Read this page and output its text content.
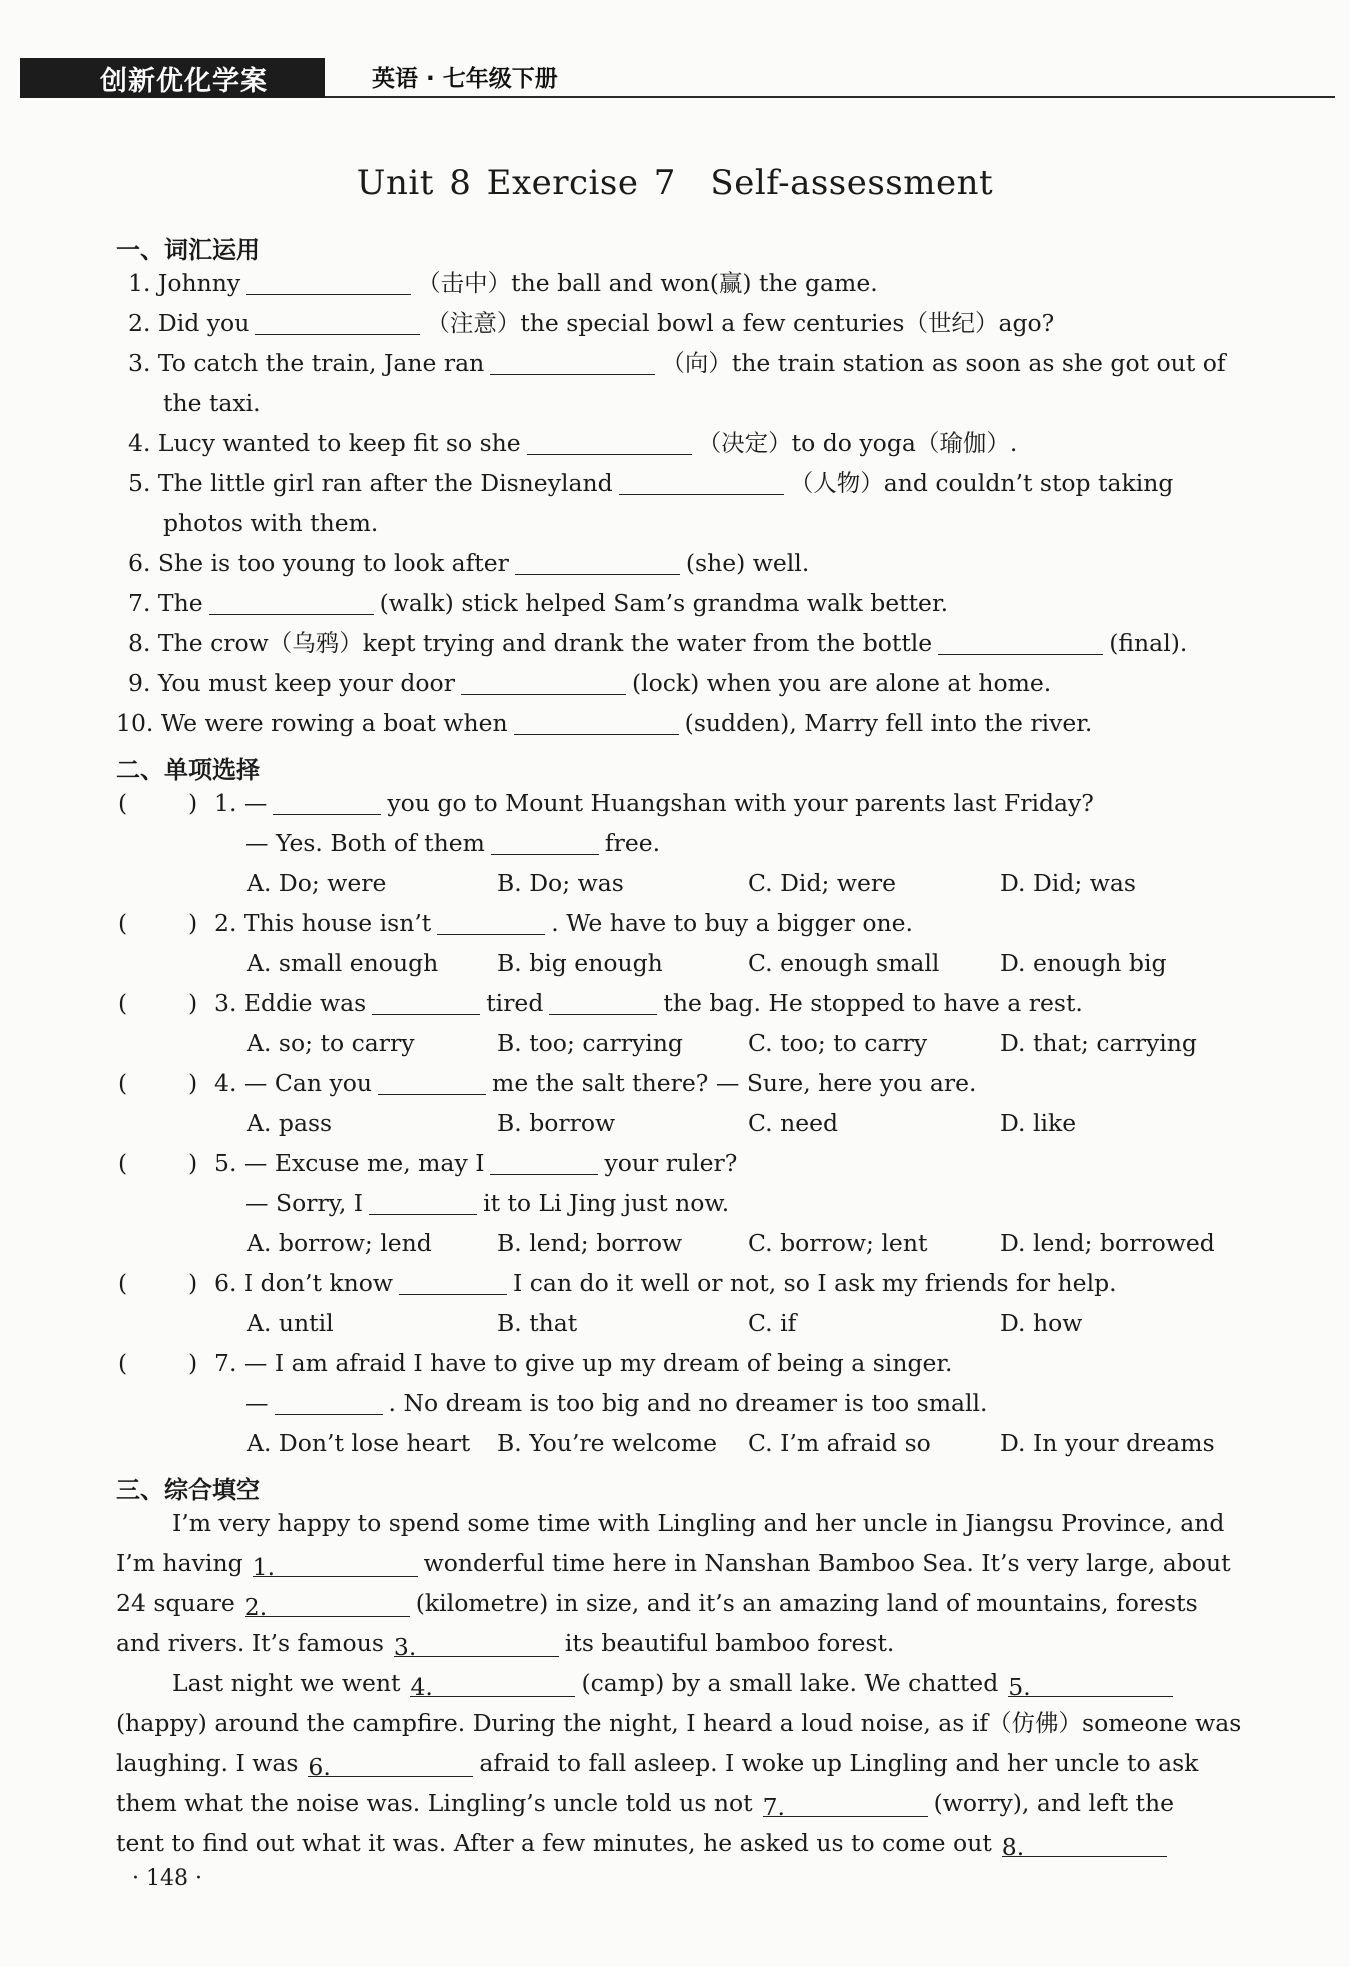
创新优化学案	英语 · 七年级下册
Unit 8 Exercise 7　Self-assessment
一、词汇运用
1. Johnny	（击中）the ball and won(赢) the game.
2. Did you	（注意）the special bowl a few centuries（世纪）ago?
3. To catch the train, Jane ran	（向）the train station as soon as she got out of
the taxi.
4. Lucy wanted to keep fit so she	（决定）to do yoga（瑜伽）.
5. The little girl ran after the Disneyland	（人物）and couldn’t stop taking
photos with them.
6. She is too young to look after	(she) well.
7. The	(walk) stick helped Sam’s grandma walk better.
8. The crow（乌鸦）kept trying and drank the water from the bottle	(final).
9. You must keep your door	(lock) when you are alone at home.
10. We were rowing a boat when	(sudden), Marry fell into the river.
二、单项选择
(	) 1. —	you go to Mount Huangshan with your parents last Friday?
— Yes. Both of them	free.
A. Do; were	B. Do; was	C. Did; were	D. Did; was
(	) 2. This house isn’t	. We have to buy a bigger one.
A. small enough B. big enough	C. enough small	D. enough big
(	) 3. Eddie was	tired	the bag. He stopped to have a rest.
A. so; to carry	B. too; carrying	C. too; to carry	D. that; carrying
(	) 4. — Can you	me the salt there? — Sure, here you are.
A. pass	B. borrow	C. need	D. like
(	) 5. — Excuse me, may I	your ruler?
— Sorry, I	it to Li Jing just now.
A. borrow; lend	B. lend; borrow	C. borrow; lent	D. lend; borrowed
(	) 6. I don’t know	I can do it well or not, so I ask my friends for help.
A. until	B. that	C. if	D. how
(	) 7. — I am afraid I have to give up my dream of being a singer.
—	. No dream is too big and no dreamer is too small.
A. Don’t lose heart B. You’re welcome C. I’m afraid so	D. In your dreams
三、综合填空
I’m very happy to spend some time with Lingling and her uncle in Jiangsu Province, and
I’m having 1.	wonderful time here in Nanshan Bamboo Sea. It’s very large, about
24 square 2.	(kilometre) in size, and it’s an amazing land of mountains, forests
and rivers. It’s famous 3.	its beautiful bamboo forest.
Last night we went 4.	(camp) by a small lake. We chatted 5.
(happy) around the campfire. During the night, I heard a loud noise, as if（仿佛）someone was
laughing. I was 6.	afraid to fall asleep. I woke up Lingling and her uncle to ask
them what the noise was. Lingling’s uncle told us not 7.	(worry), and left the
tent to find out what it was. After a few minutes, he asked us to come out 8.
· 148 ·
